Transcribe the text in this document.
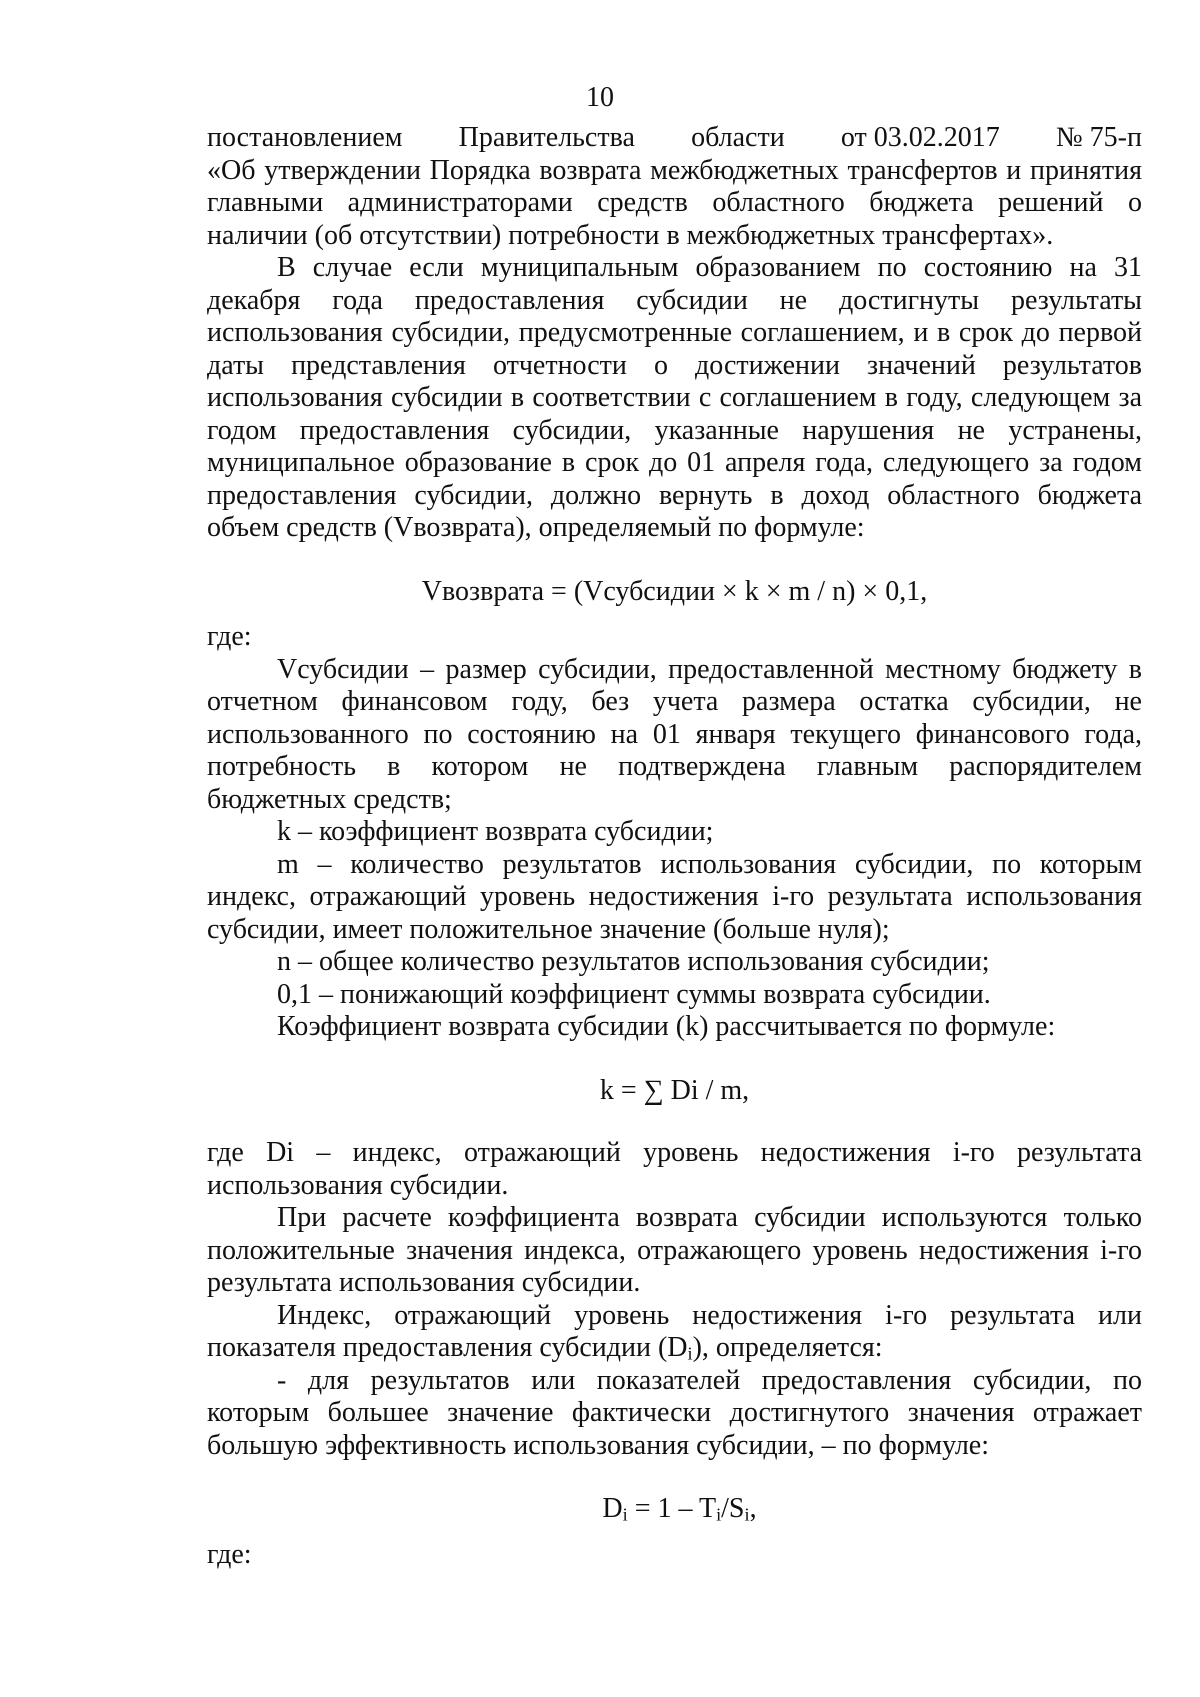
10

постановлением Правительства области от 03.02.2017 № 75-п

«Об утверждении Порядка возврата межбюджетных трансфертов и принятия главными администраторами средств областного бюджета решений о наличии (об отсутствии) потребности в межбюджетных трансфертах».

В случае если муниципальным образованием по состоянию на 31 декабря года предоставления субсидии не достигнуты результаты использования субсидии, предусмотренные соглашением, и в срок до первой даты представления отчетности о достижении значений результатов использования субсидии в соответствии с соглашением в году, следующем за годом предоставления субсидии, указанные нарушения не устранены, муниципальное образование в срок до 01 апреля года, следующего за годом предоставления субсидии, должно вернуть в доход областного бюджета объем средств (Vвозврата), определяемый по формуле:

Vвозврата = (Vсубсидии × k × m / n) × 0,1,

где:

Vсубсидии – размер субсидии, предоставленной местному бюджету в отчетном финансовом году, без учета размера остатка субсидии, не использованного по состоянию на 01 января текущего финансового года, потребность в котором не подтверждена главным распорядителем бюджетных средств;

k – коэффициент возврата субсидии;

m – количество результатов использования субсидии, по которым индекс, отражающий уровень недостижения i-го результата использования субсидии, имеет положительное значение (больше нуля);

n – общее количество результатов использования субсидии;

0,1 – понижающий коэффициент суммы возврата субсидии.

Коэффициент возврата субсидии (k) рассчитывается по формуле:

k = ∑ Di / m,

где Di – индекс, отражающий уровень недостижения i-го результата использования субсидии.

При расчете коэффициента возврата субсидии используются только положительные значения индекса, отражающего уровень недостижения i-го результата использования субсидии.

Индекс, отражающий уровень недостижения i-го результата или показателя предоставления субсидии $(D_i)$, определяется:

- для результатов или показателей предоставления субсидии, по которым большее значение фактически достигнутого значения отражает большую эффективность использования субсидии, – по формуле:

$D_i = 1 - T_i/S_i$,

где:
